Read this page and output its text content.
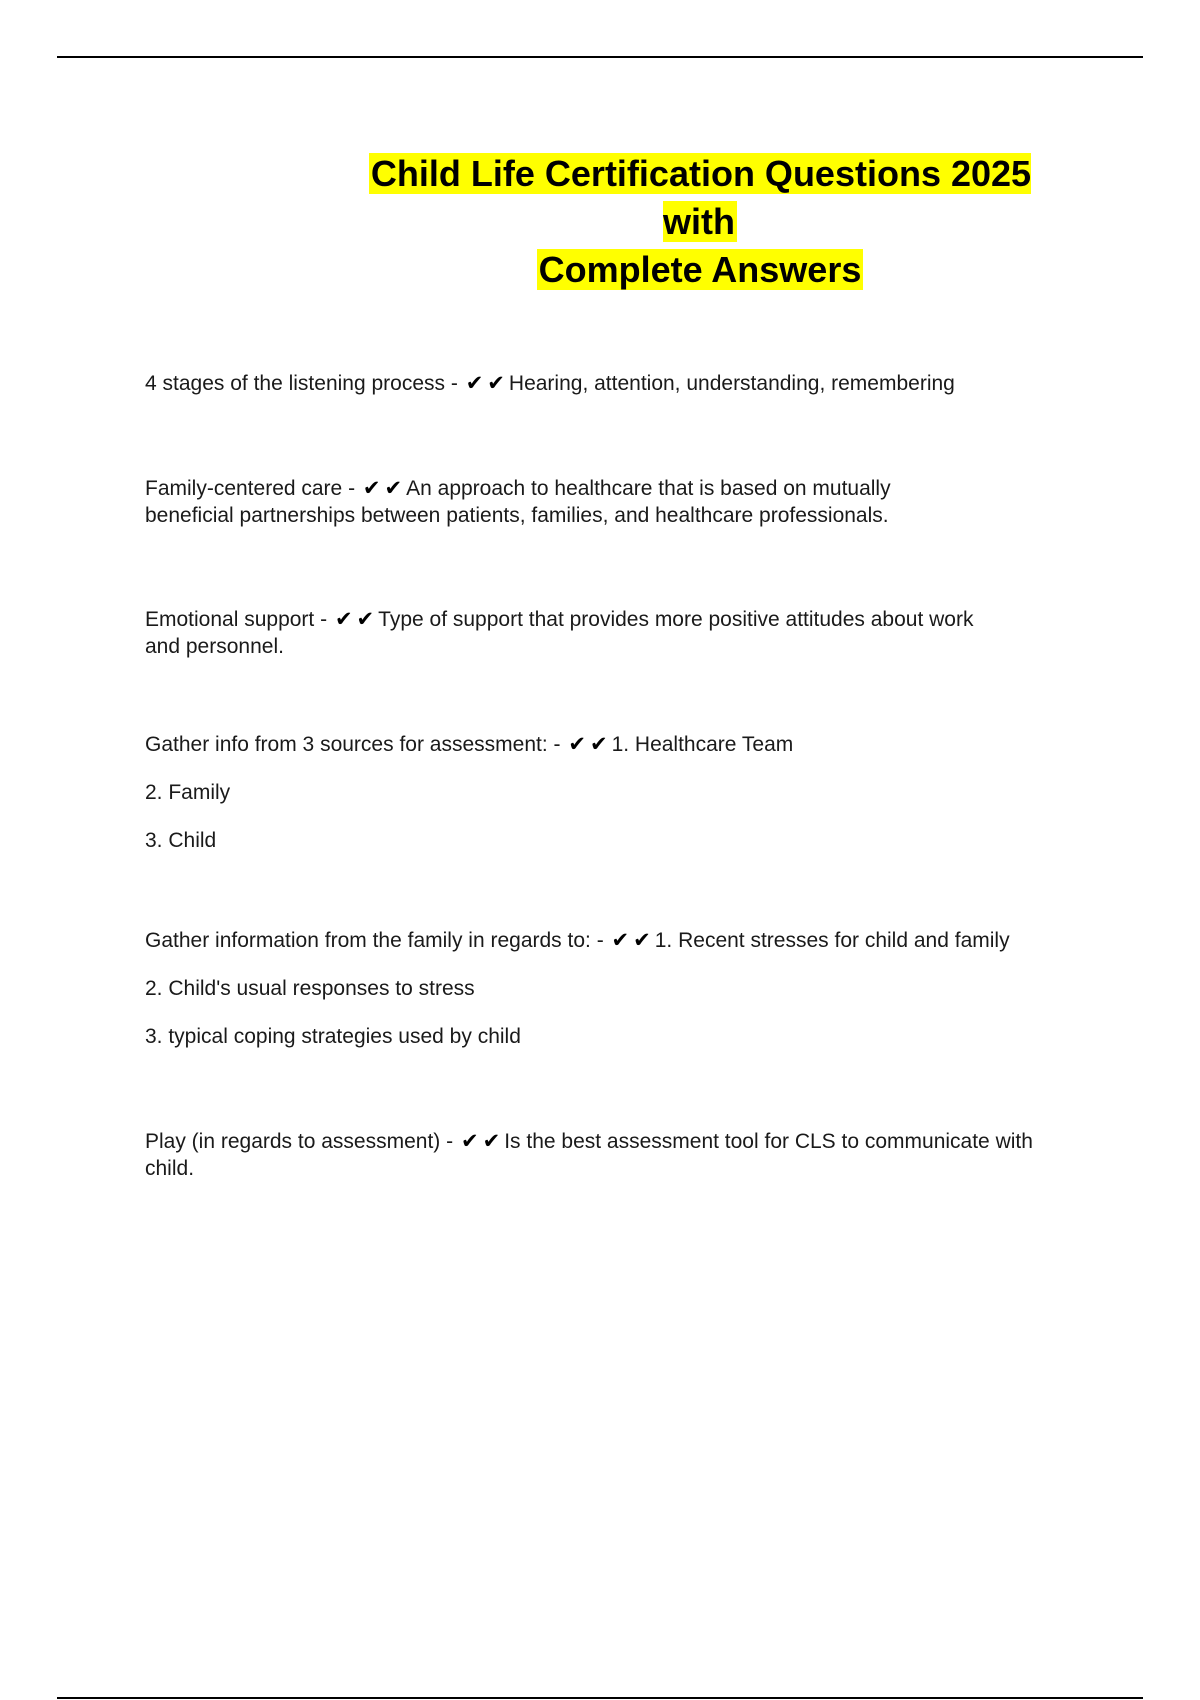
Child Life Certification Questions 2025 with
Complete Answers
4 stages of the listening process - ✔ ✔ Hearing, attention, understanding, remembering
Family-centered care - ✔ ✔ An approach to healthcare that is based on mutually beneficial partnerships between patients, families, and healthcare professionals.
Emotional support - ✔ ✔ Type of support that provides more positive attitudes about work and personnel.
Gather info from 3 sources for assessment: - ✔ ✔ 1. Healthcare Team
2. Family
3. Child
Gather information from the family in regards to: - ✔ ✔ 1. Recent stresses for child and family
2. Child's usual responses to stress
3. typical coping strategies used by child
Play (in regards to assessment) - ✔ ✔ Is the best assessment tool for CLS to communicate with child.
